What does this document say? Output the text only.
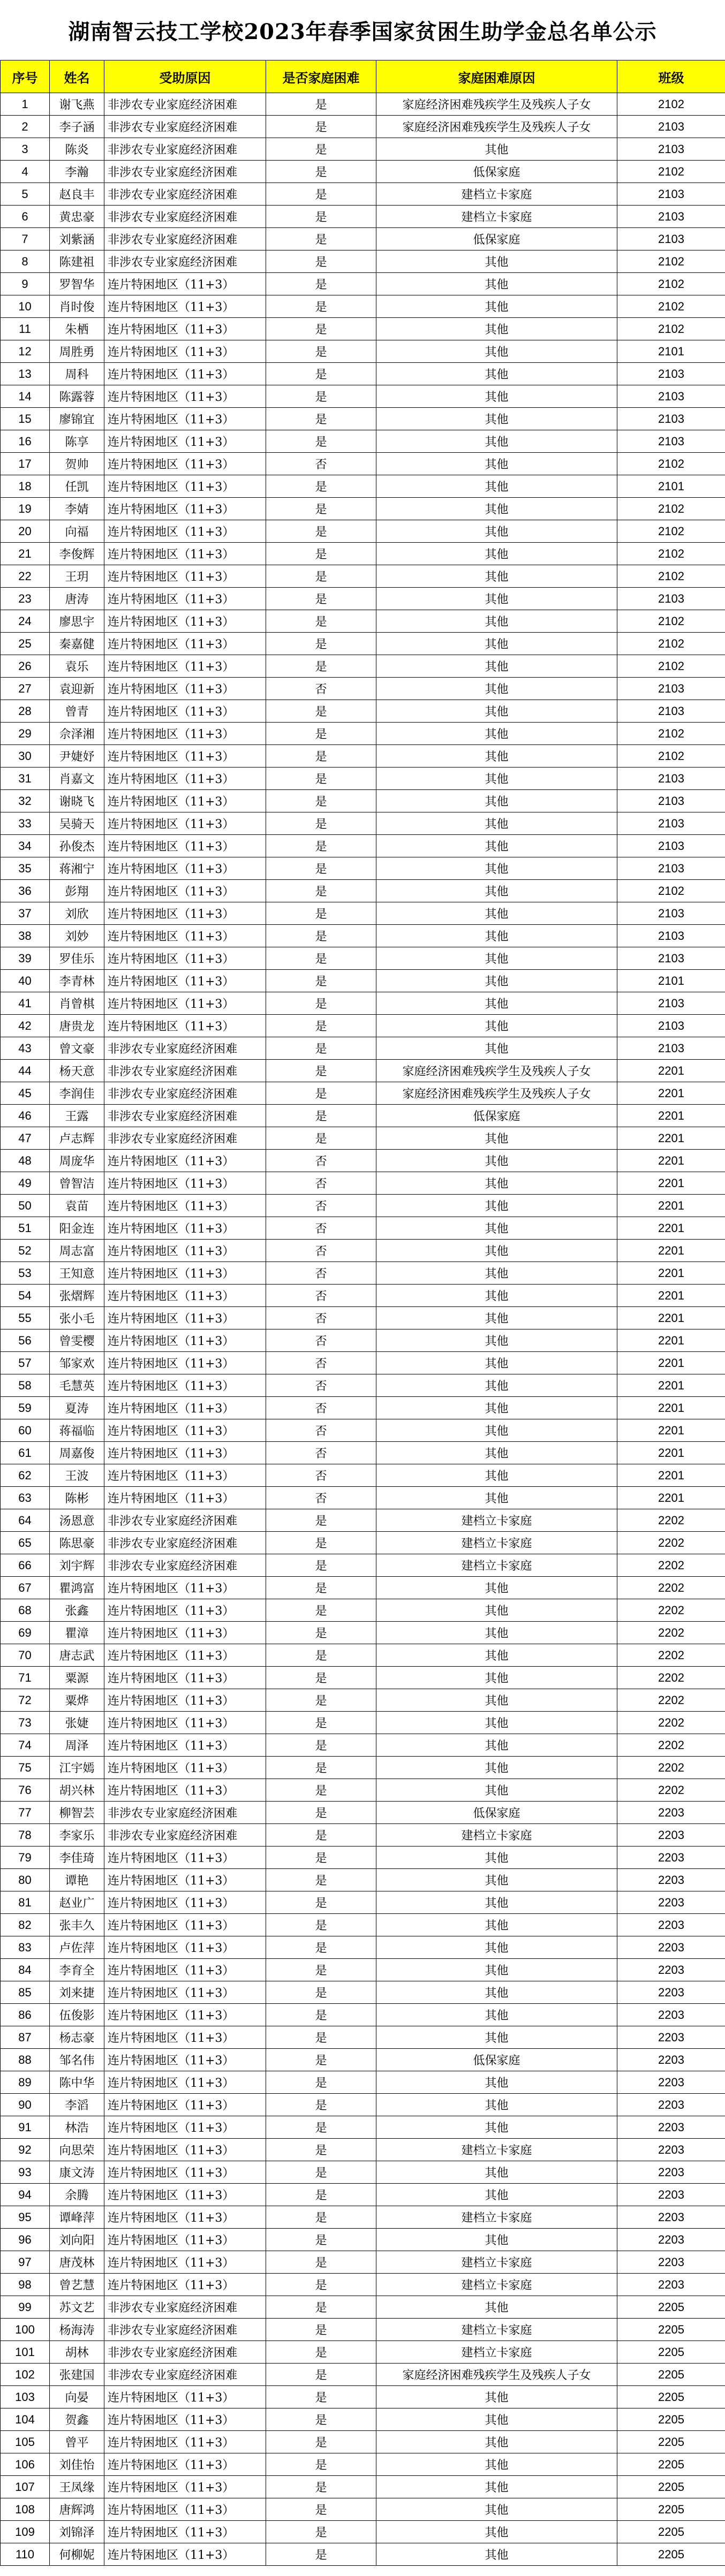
湖南智云技工学校2023年春季国家贫困生助学金总名单公示
序号	姓名	受助原因	是否家庭困难	家庭困难原因	班级
1	谢飞燕	非涉农专业家庭经济困难	是	家庭经济困难残疾学生及残疾人子女	2102
2	李子涵	非涉农专业家庭经济困难	是	家庭经济困难残疾学生及残疾人子女	2103
3	陈炎	非涉农专业家庭经济困难	是	其他	2103
4	李瀚	非涉农专业家庭经济困难	是	低保家庭	2102
5	赵良丰	非涉农专业家庭经济困难	是	建档立卡家庭	2103
6	黄忠豪	非涉农专业家庭经济困难	是	建档立卡家庭	2103
7	刘紫涵	非涉农专业家庭经济困难	是	低保家庭	2103
8	陈建祖	非涉农专业家庭经济困难	是	其他	2102
9	罗智华	连片特困地区（11+3）	是	其他	2102
10	肖时俊	连片特困地区（11+3）	是	其他	2102
11	朱栖	连片特困地区（11+3）	是	其他	2102
12	周胜勇	连片特困地区（11+3）	是	其他	2101
13	周科	连片特困地区（11+3）	是	其他	2103
14	陈露蓉	连片特困地区（11+3）	是	其他	2103
15	廖锦宜	连片特困地区（11+3）	是	其他	2103
16	陈享	连片特困地区（11+3）	是	其他	2103
17	贺帅	连片特困地区（11+3）	否	其他	2102
18	任凯	连片特困地区（11+3）	是	其他	2101
19	李婧	连片特困地区（11+3）	是	其他	2102
20	向福	连片特困地区（11+3）	是	其他	2102
21	李俊辉	连片特困地区（11+3）	是	其他	2102
22	王玥	连片特困地区（11+3）	是	其他	2102
23	唐涛	连片特困地区（11+3）	是	其他	2103
24	廖思宇	连片特困地区（11+3）	是	其他	2102
25	秦嘉健	连片特困地区（11+3）	是	其他	2102
26	袁乐	连片特困地区（11+3）	是	其他	2102
27	袁迎新	连片特困地区（11+3）	否	其他	2103
28	曾青	连片特困地区（11+3）	是	其他	2103
29	佘泽湘	连片特困地区（11+3）	是	其他	2102
30	尹婕妤	连片特困地区（11+3）	是	其他	2102
31	肖嘉文	连片特困地区（11+3）	是	其他	2103
32	谢晓飞	连片特困地区（11+3）	是	其他	2103
33	吴骑天	连片特困地区（11+3）	是	其他	2103
34	孙俊杰	连片特困地区（11+3）	是	其他	2103
35	蒋湘宁	连片特困地区（11+3）	是	其他	2103
36	彭翔	连片特困地区（11+3）	是	其他	2102
37	刘欣	连片特困地区（11+3）	是	其他	2103
38	刘妙	连片特困地区（11+3）	是	其他	2103
39	罗佳乐	连片特困地区（11+3）	是	其他	2103
40	李青林	连片特困地区（11+3）	是	其他	2101
41	肖曾棋	连片特困地区（11+3）	是	其他	2103
42	唐贵龙	连片特困地区（11+3）	是	其他	2103
43	曾文豪	非涉农专业家庭经济困难	是	其他	2103
44	杨天意	非涉农专业家庭经济困难	是	家庭经济困难残疾学生及残疾人子女	2201
45	李润佳	非涉农专业家庭经济困难	是	家庭经济困难残疾学生及残疾人子女	2201
46	王露	非涉农专业家庭经济困难	是	低保家庭	2201
47	卢志辉	非涉农专业家庭经济困难	是	其他	2201
48	周庞华	连片特困地区（11+3）	否	其他	2201
49	曾智洁	连片特困地区（11+3）	否	其他	2201
50	袁苗	连片特困地区（11+3）	否	其他	2201
51	阳金连	连片特困地区（11+3）	否	其他	2201
52	周志富	连片特困地区（11+3）	否	其他	2201
53	王知意	连片特困地区（11+3）	否	其他	2201
54	张熠辉	连片特困地区（11+3）	否	其他	2201
55	张小毛	连片特困地区（11+3）	否	其他	2201
56	曾雯樱	连片特困地区（11+3）	否	其他	2201
57	邹家欢	连片特困地区（11+3）	否	其他	2201
58	毛慧英	连片特困地区（11+3）	否	其他	2201
59	夏涛	连片特困地区（11+3）	否	其他	2201
60	蒋福临	连片特困地区（11+3）	否	其他	2201
61	周嘉俊	连片特困地区（11+3）	否	其他	2201
62	王波	连片特困地区（11+3）	否	其他	2201
63	陈彬	连片特困地区（11+3）	否	其他	2201
64	汤恩意	非涉农专业家庭经济困难	是	建档立卡家庭	2202
65	陈思豪	非涉农专业家庭经济困难	是	建档立卡家庭	2202
66	刘宇辉	非涉农专业家庭经济困难	是	建档立卡家庭	2202
67	瞿鸿富	连片特困地区（11+3）	是	其他	2202
68	张鑫	连片特困地区（11+3）	是	其他	2202
69	瞿漳	连片特困地区（11+3）	是	其他	2202
70	唐志武	连片特困地区（11+3）	是	其他	2202
71	粟源	连片特困地区（11+3）	是	其他	2202
72	粟烨	连片特困地区（11+3）	是	其他	2202
73	张婕	连片特困地区（11+3）	是	其他	2202
74	周泽	连片特困地区（11+3）	是	其他	2202
75	江宇嫣	连片特困地区（11+3）	是	其他	2202
76	胡兴林	连片特困地区（11+3）	是	其他	2202
77	柳智芸	非涉农专业家庭经济困难	是	低保家庭	2203
78	李家乐	非涉农专业家庭经济困难	是	建档立卡家庭	2203
79	李佳琦	连片特困地区（11+3）	是	其他	2203
80	谭艳	连片特困地区（11+3）	是	其他	2203
81	赵业广	连片特困地区（11+3）	是	其他	2203
82	张丰久	连片特困地区（11+3）	是	其他	2203
83	卢佐萍	连片特困地区（11+3）	是	其他	2203
84	李育全	连片特困地区（11+3）	是	其他	2203
85	刘来捷	连片特困地区（11+3）	是	其他	2203
86	伍俊影	连片特困地区（11+3）	是	其他	2203
87	杨志豪	连片特困地区（11+3）	是	其他	2203
88	邹名伟	连片特困地区（11+3）	是	低保家庭	2203
89	陈中华	连片特困地区（11+3）	是	其他	2203
90	李滔	连片特困地区（11+3）	是	其他	2203
91	林浩	连片特困地区（11+3）	是	其他	2203
92	向思荣	连片特困地区（11+3）	是	建档立卡家庭	2203
93	康文涛	连片特困地区（11+3）	是	其他	2203
94	余腾	连片特困地区（11+3）	是	其他	2203
95	谭峰萍	连片特困地区（11+3）	是	建档立卡家庭	2203
96	刘向阳	连片特困地区（11+3）	是	其他	2203
97	唐茂林	连片特困地区（11+3）	是	建档立卡家庭	2203
98	曾艺慧	连片特困地区（11+3）	是	建档立卡家庭	2203
99	苏文艺	非涉农专业家庭经济困难	是	其他	2205
100	杨海涛	非涉农专业家庭经济困难	是	建档立卡家庭	2205
101	胡林	非涉农专业家庭经济困难	是	建档立卡家庭	2205
102	张建国	非涉农专业家庭经济困难	是	家庭经济困难残疾学生及残疾人子女	2205
103	向晏	连片特困地区（11+3）	是	其他	2205
104	贺鑫	连片特困地区（11+3）	是	其他	2205
105	曾平	连片特困地区（11+3）	是	其他	2205
106	刘佳怡	连片特困地区（11+3）	是	其他	2205
107	王凤缘	连片特困地区（11+3）	是	其他	2205
108	唐辉鸿	连片特困地区（11+3）	是	其他	2205
109	刘锦泽	连片特困地区（11+3）	是	其他	2205
110	何柳妮	连片特困地区（11+3）	是	其他	2205
